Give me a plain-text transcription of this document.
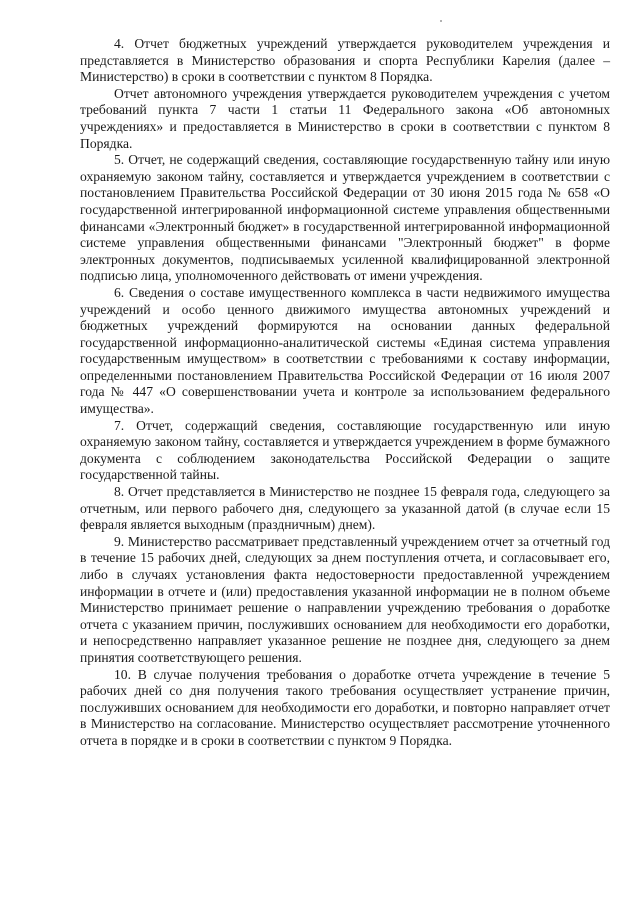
4. Отчет бюджетных учреждений утверждается руководителем учреждения и представляется в Министерство образования и спорта Республики Карелия (далее – Министерство) в сроки в соответствии с пунктом 8 Порядка.

Отчет автономного учреждения утверждается руководителем учреждения с учетом требований пункта 7 части 1 статьи 11 Федерального закона «Об автономных учреждениях» и предоставляется в Министерство в сроки в соответствии с пунктом 8 Порядка.

5. Отчет, не содержащий сведения, составляющие государственную тайну или иную охраняемую законом тайну, составляется и утверждается учреждением в соответствии с постановлением Правительства Российской Федерации от 30 июня 2015 года № 658 «О государственной интегрированной информационной системе управления общественными финансами «Электронный бюджет» в государственной интегрированной информационной системе управления общественными финансами "Электронный бюджет" в форме электронных документов, подписываемых усиленной квалифицированной электронной подписью лица, уполномоченного действовать от имени учреждения.

6. Сведения о составе имущественного комплекса в части недвижимого имущества учреждений и особо ценного движимого имущества автономных учреждений и бюджетных учреждений формируются на основании данных федеральной государственной информационно-аналитической системы «Единая система управления государственным имуществом» в соответствии с требованиями к составу информации, определенными постановлением Правительства Российской Федерации от 16 июля 2007 года № 447 «О совершенствовании учета и контроле за использованием федерального имущества».

7. Отчет, содержащий сведения, составляющие государственную или иную охраняемую законом тайну, составляется и утверждается учреждением в форме бумажного документа с соблюдением законодательства Российской Федерации о защите государственной тайны.

8. Отчет представляется в Министерство не позднее 15 февраля года, следующего за отчетным, или первого рабочего дня, следующего за указанной датой (в случае если 15 февраля является выходным (праздничным) днем).

9. Министерство рассматривает представленный учреждением отчет за отчетный год в течение 15 рабочих дней, следующих за днем поступления отчета, и согласовывает его, либо в случаях установления факта недостоверности предоставленной учреждением информации в отчете и (или) предоставления указанной информации не в полном объеме Министерство принимает решение о направлении учреждению требования о доработке отчета с указанием причин, послуживших основанием для необходимости его доработки, и непосредственно направляет указанное решение не позднее дня, следующего за днем принятия соответствующего решения.

10. В случае получения требования о доработке отчета учреждение в течение 5 рабочих дней со дня получения такого требования осуществляет устранение причин, послуживших основанием для необходимости его доработки, и повторно направляет отчет в Министерство на согласование. Министерство осуществляет рассмотрение уточненного отчета в порядке и в сроки в соответствии с пунктом 9 Порядка.
